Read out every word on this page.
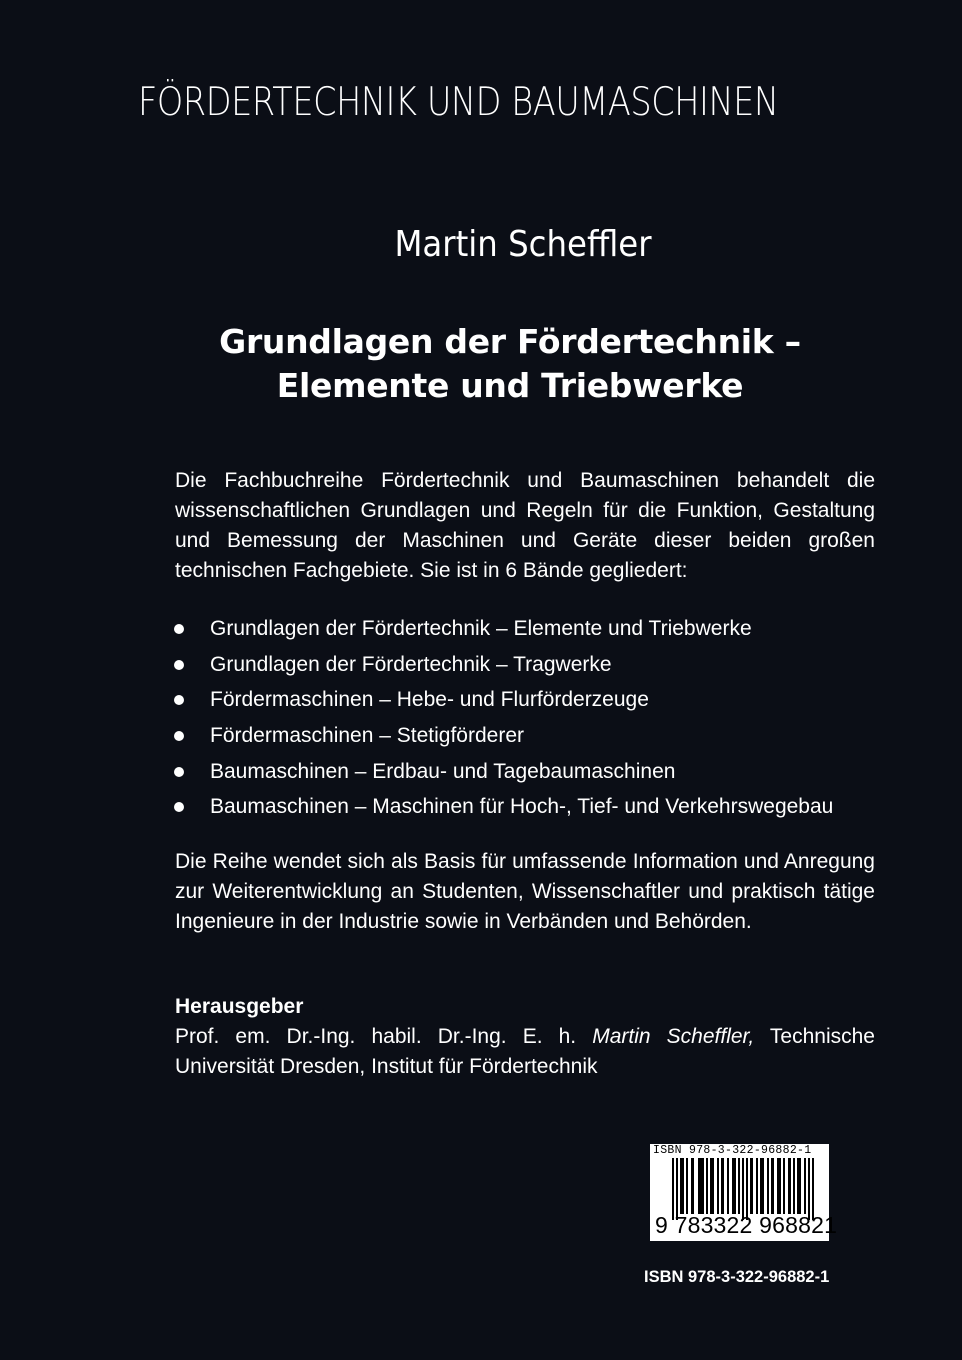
FÖRDERTECHNIK UND BAUMASCHINEN
Martin Scheffler
Grundlagen der Fördertechnik –
Elemente und Triebwerke
Die Fachbuchreihe Fördertechnik und Baumaschinen behandelt die wissenschaftlichen Grundlagen und Regeln für die Funktion, Gestaltung und Bemessung der Maschinen und Geräte dieser beiden großen technischen Fachgebiete. Sie ist in 6 Bände gegliedert:
Grundlagen der Fördertechnik – Elemente und Triebwerke
Grundlagen der Fördertechnik – Tragwerke
Fördermaschinen – Hebe- und Flurförderzeuge
Fördermaschinen – Stetigförderer
Baumaschinen – Erdbau- und Tagebaumaschinen
Baumaschinen – Maschinen für Hoch-, Tief- und Verkehrswegebau
Die Reihe wendet sich als Basis für umfassende Information und Anregung zur Weiterentwicklung an Studenten, Wissenschaftler und praktisch tätige Ingenieure in der Industrie sowie in Verbänden und Behörden.
Herausgeber
Prof. em. Dr.-Ing. habil. Dr.-Ing. E. h. Martin Scheffler, Technische Universität Dresden, Institut für Fördertechnik
ISBN 978-3-322-96882-1
9 783322 968821
ISBN 978-3-322-96882-1
